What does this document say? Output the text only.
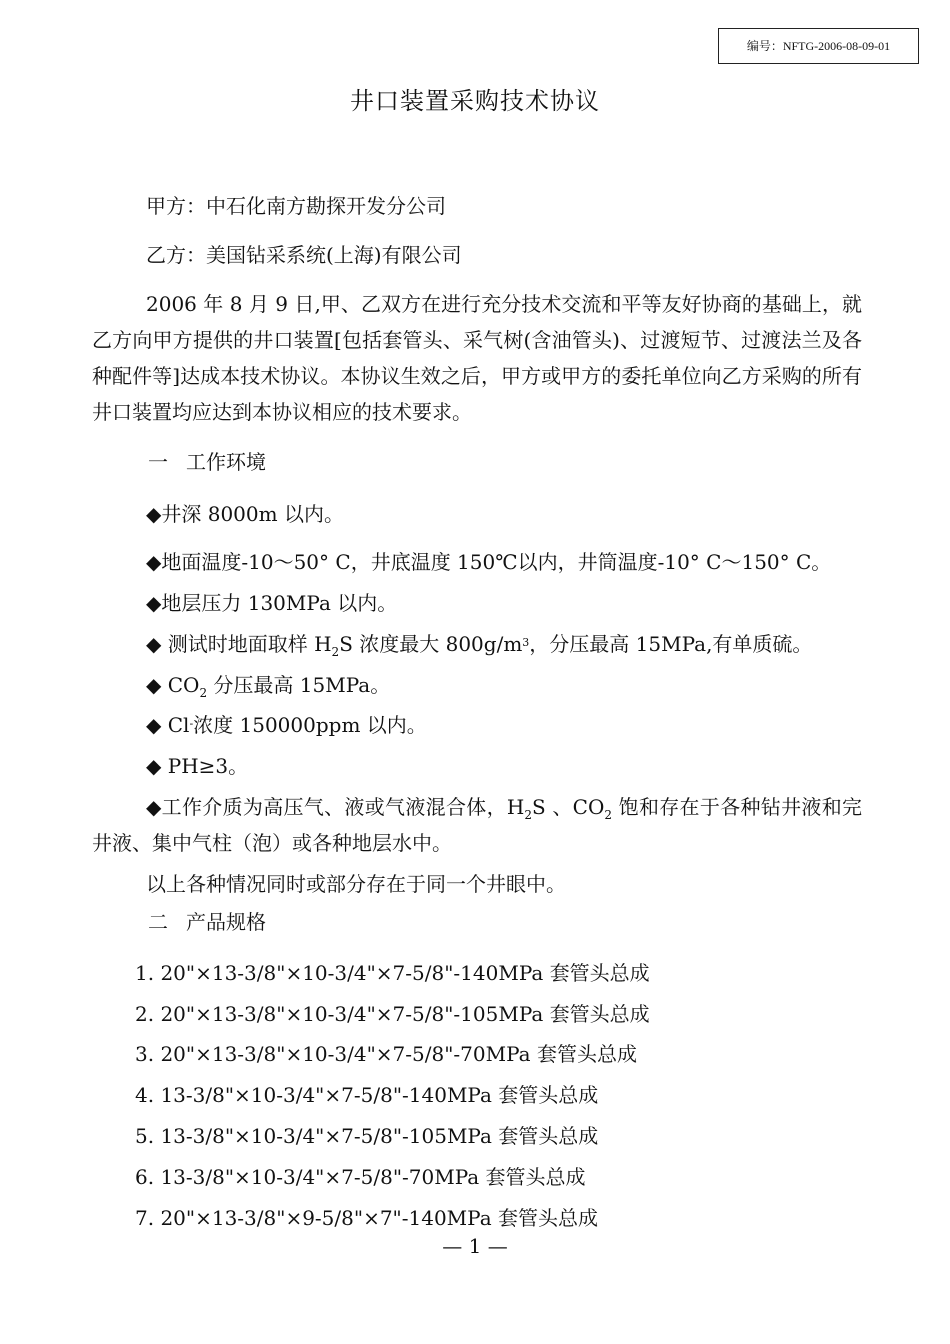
编号：NFTG-2006-08-09-01
井口装置采购技术协议
甲方：中石化南方勘探开发分公司
乙方：美国钻采系统(上海)有限公司

2006 年 8 月 9 日,甲、乙双方在进行充分技术交流和平等友好协商的基础上，就乙方向甲方提供的井口装置[包括套管头、采气树(含油管头)、过渡短节、过渡法兰及各种配件等]达成本技术协议。本协议生效之后，甲方或甲方的委托单位向乙方采购的所有井口装置均应达到本协议相应的技术要求。

一 工作环境
◆井深 8000m 以内。
◆地面温度-10～50° C，井底温度 150℃以内，井筒温度-10° C～150° C。
◆地层压力 130MPa 以内。
◆ 测试时地面取样 $H_2S$ 浓度最大 $800g/m^3$，分压最高 15MPa,有单质硫。
◆ $CO_2$ 分压最高 15MPa。
◆ Cl-浓度 150000ppm 以内。
◆ PH≥3。

◆工作介质为高压气、液或气液混合体，$H_2S$ 、$CO_2$ 饱和存在于各种钻井液和完井液、集中气柱（泡）或各种地层水中。

以上各种情况同时或部分存在于同一个井眼中。
二 产品规格
1. 20"×13-3/8"×10-3/4"×7-5/8"-140MPa 套管头总成
2. 20"×13-3/8"×10-3/4"×7-5/8"-105MPa 套管头总成
3. 20"×13-3/8"×10-3/4"×7-5/8"-70MPa 套管头总成
4. 13-3/8"×10-3/4"×7-5/8"-140MPa 套管头总成
5. 13-3/8"×10-3/4"×7-5/8"-105MPa 套管头总成
6. 13-3/8"×10-3/4"×7-5/8"-70MPa 套管头总成
7. 20"×13-3/8"×9-5/8"×7"-140MPa 套管头总成
— 1 —
